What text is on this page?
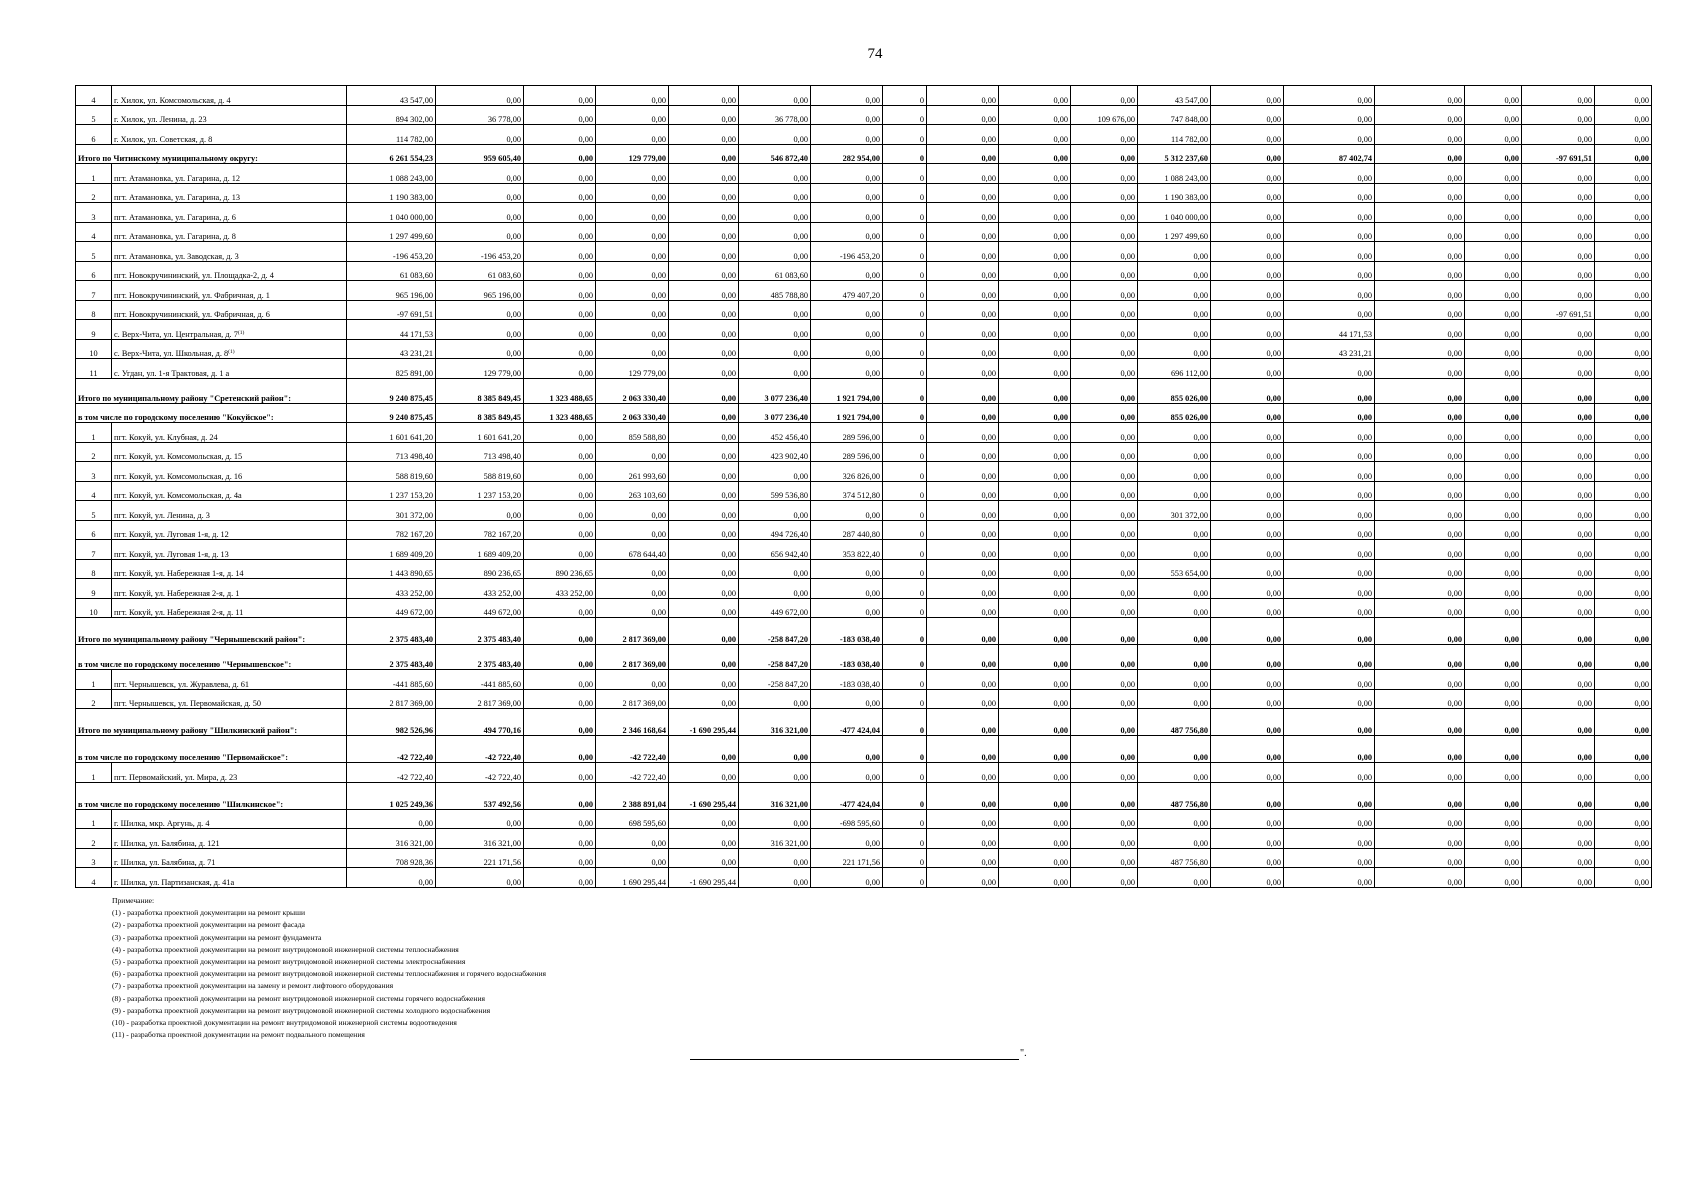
74
4	г. Хилок, ул. Комсомольская, д. 4	43 547,00	0,00	0,00	0,00	0,00	0,00	0,00	0	0,00	0,00	0,00	43 547,00	0,00	0,00	0,00	0,00	0,00	0,00
5	г. Хилок, ул. Ленина, д. 23	894 302,00	36 778,00	0,00	0,00	0,00	36 778,00	0,00	0	0,00	0,00	109 676,00	747 848,00	0,00	0,00	0,00	0,00	0,00	0,00
6	г. Хилок, ул. Советская, д. 8	114 782,00	0,00	0,00	0,00	0,00	0,00	0,00	0	0,00	0,00	0,00	114 782,00	0,00	0,00	0,00	0,00	0,00	0,00
Итого по Читинскому муниципальному округу:		6 261 554,23	959 605,40	0,00	129 779,00	0,00	546 872,40	282 954,00	0	0,00	0,00	0,00	5 312 237,60	0,00	87 402,74	0,00	0,00	-97 691,51	0,00
1	пгт. Атамановка, ул. Гагарина, д. 12	1 088 243,00	0,00	0,00	0,00	0,00	0,00	0,00	0	0,00	0,00	0,00	1 088 243,00	0,00	0,00	0,00	0,00	0,00	0,00
2	пгт. Атамановка, ул. Гагарина, д. 13	1 190 383,00	0,00	0,00	0,00	0,00	0,00	0,00	0	0,00	0,00	0,00	1 190 383,00	0,00	0,00	0,00	0,00	0,00	0,00
3	пгт. Атамановка, ул. Гагарина, д. 6	1 040 000,00	0,00	0,00	0,00	0,00	0,00	0,00	0	0,00	0,00	0,00	1 040 000,00	0,00	0,00	0,00	0,00	0,00	0,00
4	пгт. Атамановка, ул. Гагарина, д. 8	1 297 499,60	0,00	0,00	0,00	0,00	0,00	0,00	0	0,00	0,00	0,00	1 297 499,60	0,00	0,00	0,00	0,00	0,00	0,00
5	пгт. Атамановка, ул. Заводская, д. 3	-196 453,20	-196 453,20	0,00	0,00	0,00	0,00	-196 453,20	0	0,00	0,00	0,00	0,00	0,00	0,00	0,00	0,00	0,00	0,00
6	пгт. Новокручининский, ул. Площадка-2, д. 4	61 083,60	61 083,60	0,00	0,00	0,00	61 083,60	0,00	0	0,00	0,00	0,00	0,00	0,00	0,00	0,00	0,00	0,00	0,00
7	пгт. Новокручининский, ул. Фабричная, д. 1	965 196,00	965 196,00	0,00	0,00	0,00	485 788,80	479 407,20	0	0,00	0,00	0,00	0,00	0,00	0,00	0,00	0,00	0,00	0,00
8	пгт. Новокручининский, ул. Фабричная, д. 6	-97 691,51	0,00	0,00	0,00	0,00	0,00	0,00	0	0,00	0,00	0,00	0,00	0,00	0,00	0,00	0,00	-97 691,51	0,00
9	с. Верх-Чита, ул. Центральная, д. 7$^{(1)}$	44 171,53	0,00	0,00	0,00	0,00	0,00	0,00	0	0,00	0,00	0,00	0,00	0,00	44 171,53	0,00	0,00	0,00	0,00
10	с. Верх-Чита, ул. Школьная, д. 8$^{(1)}$	43 231,21	0,00	0,00	0,00	0,00	0,00	0,00	0	0,00	0,00	0,00	0,00	0,00	43 231,21	0,00	0,00	0,00	0,00
11	с. Угдан, ул. 1-я Трактовая, д. 1 а	825 891,00	129 779,00	0,00	129 779,00	0,00	0,00	0,00	0	0,00	0,00	0,00	696 112,00	0,00	0,00	0,00	0,00	0,00	0,00
Итого по муниципальному району "Сретенский район":		9 240 875,45	8 385 849,45	1 323 488,65	2 063 330,40	0,00	3 077 236,40	1 921 794,00	0	0,00	0,00	0,00	855 026,00	0,00	0,00	0,00	0,00	0,00	0,00
в том числе по городскому поселению "Кокуйское":		9 240 875,45	8 385 849,45	1 323 488,65	2 063 330,40	0,00	3 077 236,40	1 921 794,00	0	0,00	0,00	0,00	855 026,00	0,00	0,00	0,00	0,00	0,00	0,00
1	пгт. Кокуй, ул. Клубная, д. 24	1 601 641,20	1 601 641,20	0,00	859 588,80	0,00	452 456,40	289 596,00	0	0,00	0,00	0,00	0,00	0,00	0,00	0,00	0,00	0,00	0,00
2	пгт. Кокуй, ул. Комсомольская, д. 15	713 498,40	713 498,40	0,00	0,00	0,00	423 902,40	289 596,00	0	0,00	0,00	0,00	0,00	0,00	0,00	0,00	0,00	0,00	0,00
3	пгт. Кокуй, ул. Комсомольская, д. 16	588 819,60	588 819,60	0,00	261 993,60	0,00	0,00	326 826,00	0	0,00	0,00	0,00	0,00	0,00	0,00	0,00	0,00	0,00	0,00
4	пгт. Кокуй, ул. Комсомольская, д. 4а	1 237 153,20	1 237 153,20	0,00	263 103,60	0,00	599 536,80	374 512,80	0	0,00	0,00	0,00	0,00	0,00	0,00	0,00	0,00	0,00	0,00
5	пгт. Кокуй, ул. Ленина, д. 3	301 372,00	0,00	0,00	0,00	0,00	0,00	0,00	0	0,00	0,00	0,00	301 372,00	0,00	0,00	0,00	0,00	0,00	0,00
6	пгт. Кокуй, ул. Луговая 1-я, д. 12	782 167,20	782 167,20	0,00	0,00	0,00	494 726,40	287 440,80	0	0,00	0,00	0,00	0,00	0,00	0,00	0,00	0,00	0,00	0,00
7	пгт. Кокуй, ул. Луговая 1-я, д. 13	1 689 409,20	1 689 409,20	0,00	678 644,40	0,00	656 942,40	353 822,40	0	0,00	0,00	0,00	0,00	0,00	0,00	0,00	0,00	0,00	0,00
8	пгт. Кокуй, ул. Набережная 1-я, д. 14	1 443 890,65	890 236,65	890 236,65	0,00	0,00	0,00	0,00	0	0,00	0,00	0,00	553 654,00	0,00	0,00	0,00	0,00	0,00	0,00
9	пгт. Кокуй, ул. Набережная 2-я, д. 1	433 252,00	433 252,00	433 252,00	0,00	0,00	0,00	0,00	0	0,00	0,00	0,00	0,00	0,00	0,00	0,00	0,00	0,00	0,00
10	пгт. Кокуй, ул. Набережная 2-я, д. 11	449 672,00	449 672,00	0,00	0,00	0,00	449 672,00	0,00	0	0,00	0,00	0,00	0,00	0,00	0,00	0,00	0,00	0,00	0,00
Итого по муниципальному району "Чернышевский район":		2 375 483,40	2 375 483,40	0,00	2 817 369,00	0,00	-258 847,20	-183 038,40	0	0,00	0,00	0,00	0,00	0,00	0,00	0,00	0,00	0,00	0,00
в том числе по городскому поселению "Чернышевское":		2 375 483,40	2 375 483,40	0,00	2 817 369,00	0,00	-258 847,20	-183 038,40	0	0,00	0,00	0,00	0,00	0,00	0,00	0,00	0,00	0,00	0,00
1	пгт. Чернышевск, ул. Журавлева, д. 61	-441 885,60	-441 885,60	0,00	0,00	0,00	-258 847,20	-183 038,40	0	0,00	0,00	0,00	0,00	0,00	0,00	0,00	0,00	0,00	0,00
2	пгт. Чернышевск, ул. Первомайская, д. 50	2 817 369,00	2 817 369,00	0,00	2 817 369,00	0,00	0,00	0,00	0	0,00	0,00	0,00	0,00	0,00	0,00	0,00	0,00	0,00	0,00
Итого по муниципальному району "Шилкинский район":		982 526,96	494 770,16	0,00	2 346 168,64	-1 690 295,44	316 321,00	-477 424,04	0	0,00	0,00	0,00	487 756,80	0,00	0,00	0,00	0,00	0,00	0,00
в том числе по городскому поселению "Первомайское":		-42 722,40	-42 722,40	0,00	-42 722,40	0,00	0,00	0,00	0	0,00	0,00	0,00	0,00	0,00	0,00	0,00	0,00	0,00	0,00
1	пгт. Первомайский, ул. Мира, д. 23	-42 722,40	-42 722,40	0,00	-42 722,40	0,00	0,00	0,00	0	0,00	0,00	0,00	0,00	0,00	0,00	0,00	0,00	0,00	0,00
в том числе по городскому поселению "Шилкинское":		1 025 249,36	537 492,56	0,00	2 388 891,04	-1 690 295,44	316 321,00	-477 424,04	0	0,00	0,00	0,00	487 756,80	0,00	0,00	0,00	0,00	0,00	0,00
1	г. Шилка, мкр. Аргунь, д. 4	0,00	0,00	0,00	698 595,60	0,00	0,00	-698 595,60	0	0,00	0,00	0,00	0,00	0,00	0,00	0,00	0,00	0,00	0,00
2	г. Шилка, ул. Балябина, д. 121	316 321,00	316 321,00	0,00	0,00	0,00	316 321,00	0,00	0	0,00	0,00	0,00	0,00	0,00	0,00	0,00	0,00	0,00	0,00
3	г. Шилка, ул. Балябина, д. 71	708 928,36	221 171,56	0,00	0,00	0,00	0,00	221 171,56	0	0,00	0,00	0,00	487 756,80	0,00	0,00	0,00	0,00	0,00	0,00
4	г. Шилка, ул. Партизанская, д. 41а	0,00	0,00	0,00	1 690 295,44	-1 690 295,44	0,00	0,00	0	0,00	0,00	0,00	0,00	0,00	0,00	0,00	0,00	0,00	0,00
Примечание:
(1) - разработка проектной документации на ремонт крыши
(2) - разработка проектной документации на ремонт фасада
(3) - разработка проектной документации на ремонт фундамента
(4) - разработка проектной документации на ремонт внутридомовой инженерной системы теплоснабжения
(5) - разработка проектной документации на ремонт внутридомовой инженерной системы электроснабжения
(6) - разработка проектной документации на ремонт внутридомовой инженерной системы теплоснабжения и горячего водоснабжения
(7) - разработка проектной документации на замену и ремонт лифтового оборудования
(8) - разработка проектной документации на ремонт внутридомовой инженерной системы горячего водоснабжения
(9) - разработка проектной документации на ремонт внутридомовой инженерной системы холодного водоснабжения
(10) - разработка проектной документации на ремонт внутридомовой инженерной системы водоотведения
(11) - разработка проектной документации на ремонт подвального помещения
".
